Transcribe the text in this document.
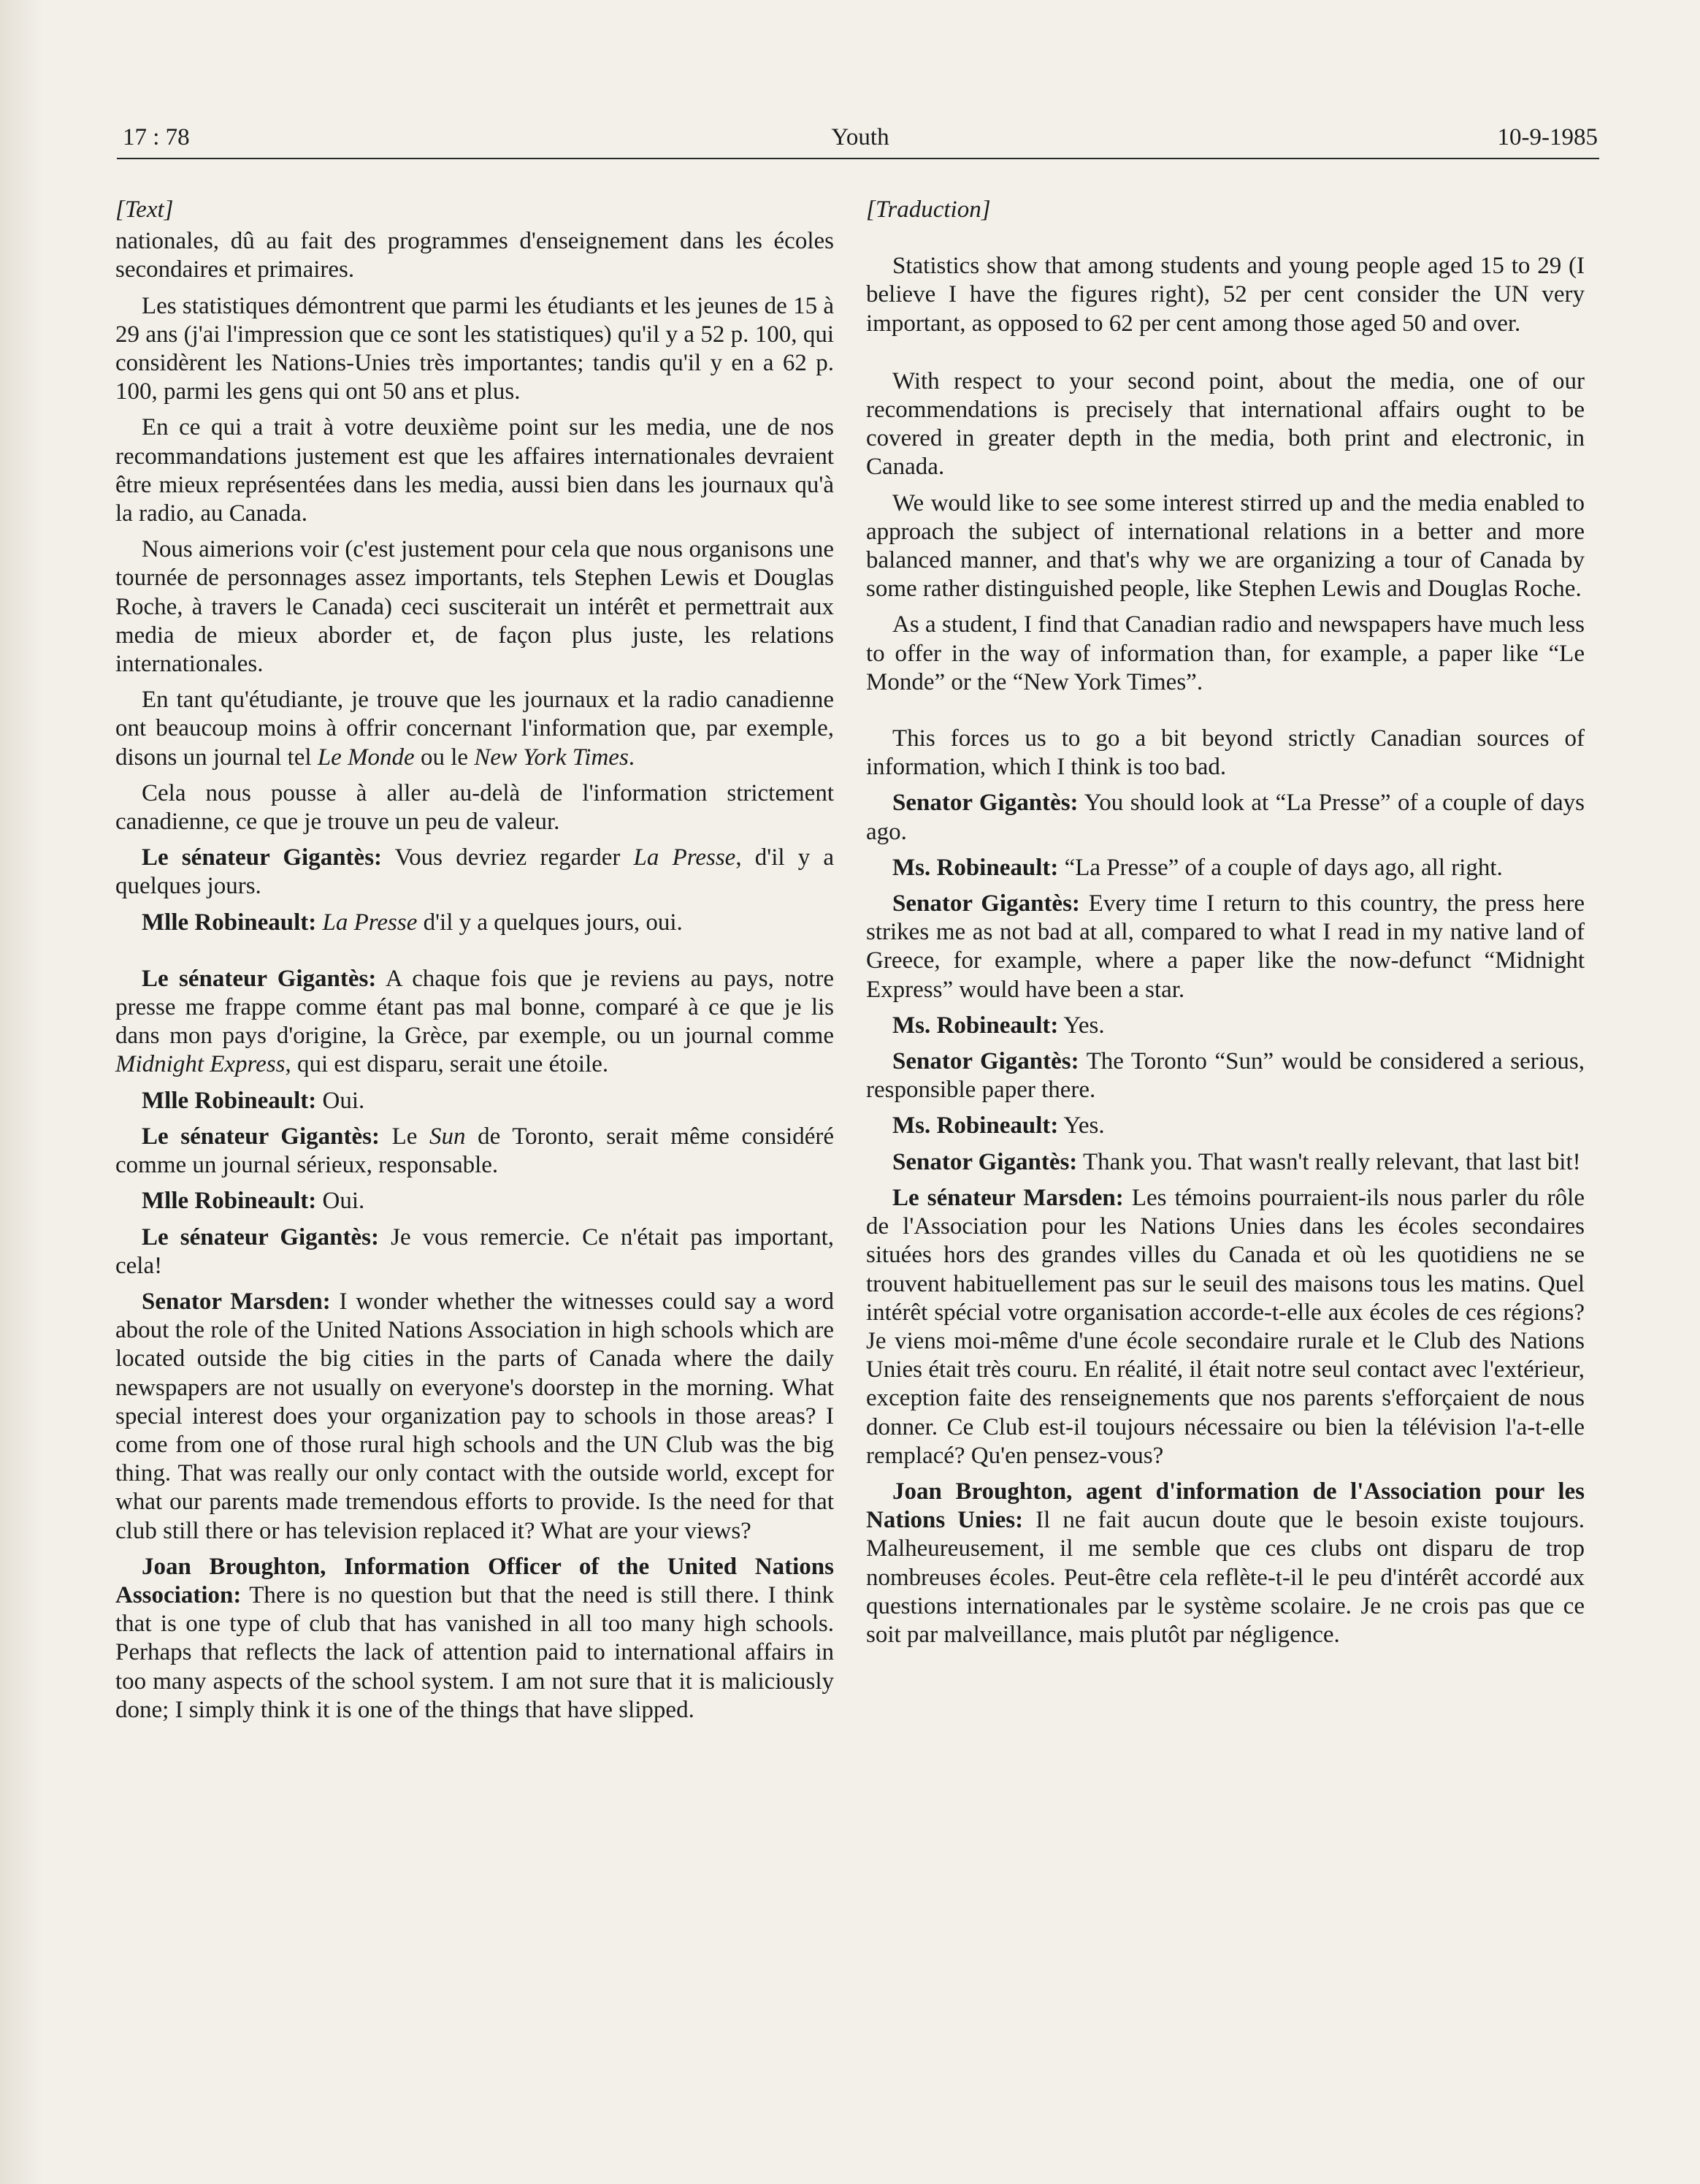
17 : 78	Youth	10-9-1985

[Text]

nationales, dû au fait des programmes d'enseignement dans les écoles secondaires et primaires.

Les statistiques démontrent que parmi les étudiants et les jeunes de 15 à 29 ans (j'ai l'impression que ce sont les statistiques) qu'il y a 52 p. 100, qui considèrent les Nations-Unies très importantes; tandis qu'il y en a 62 p. 100, parmi les gens qui ont 50 ans et plus.

En ce qui a trait à votre deuxième point sur les media, une de nos recommandations justement est que les affaires internationales devraient être mieux représentées dans les media, aussi bien dans les journaux qu'à la radio, au Canada.

Nous aimerions voir (c'est justement pour cela que nous organisons une tournée de personnages assez importants, tels Stephen Lewis et Douglas Roche, à travers le Canada) ceci susciterait un intérêt et permettrait aux media de mieux aborder et, de façon plus juste, les relations internationales.

En tant qu'étudiante, je trouve que les journaux et la radio canadienne ont beaucoup moins à offrir concernant l'information que, par exemple, disons un journal tel Le Monde ou le New York Times.

Cela nous pousse à aller au-delà de l'information strictement canadienne, ce que je trouve un peu de valeur.

Le sénateur Gigantès: Vous devriez regarder La Presse, d'il y a quelques jours.

Mlle Robineault: La Presse d'il y a quelques jours, oui.

Le sénateur Gigantès: A chaque fois que je reviens au pays, notre presse me frappe comme étant pas mal bonne, comparé à ce que je lis dans mon pays d'origine, la Grèce, par exemple, ou un journal comme Midnight Express, qui est disparu, serait une étoile.

Mlle Robineault: Oui.

Le sénateur Gigantès: Le Sun de Toronto, serait même considéré comme un journal sérieux, responsable.

Mlle Robineault: Oui.

Le sénateur Gigantès: Je vous remercie. Ce n'était pas important, cela!

Senator Marsden: I wonder whether the witnesses could say a word about the role of the United Nations Association in high schools which are located outside the big cities in the parts of Canada where the daily newspapers are not usually on everyone's doorstep in the morning. What special interest does your organization pay to schools in those areas? I come from one of those rural high schools and the UN Club was the big thing. That was really our only contact with the outside world, except for what our parents made tremendous efforts to provide. Is the need for that club still there or has television replaced it? What are your views?

Joan Broughton, Information Officer of the United Nations Association: There is no question but that the need is still there. I think that is one type of club that has vanished in all too many high schools. Perhaps that reflects the lack of attention paid to international affairs in too many aspects of the school system. I am not sure that it is maliciously done; I simply think it is one of the things that have slipped.

[Traduction]

Statistics show that among students and young people aged 15 to 29 (I believe I have the figures right), 52 per cent consider the UN very important, as opposed to 62 per cent among those aged 50 and over.

With respect to your second point, about the media, one of our recommendations is precisely that international affairs ought to be covered in greater depth in the media, both print and electronic, in Canada.

We would like to see some interest stirred up and the media enabled to approach the subject of international relations in a better and more balanced manner, and that's why we are organizing a tour of Canada by some rather distinguished people, like Stephen Lewis and Douglas Roche.

As a student, I find that Canadian radio and newspapers have much less to offer in the way of information than, for example, a paper like “Le Monde” or the “New York Times”.

This forces us to go a bit beyond strictly Canadian sources of information, which I think is too bad.

Senator Gigantès: You should look at “La Presse” of a couple of days ago.

Ms. Robineault: “La Presse” of a couple of days ago, all right.

Senator Gigantès: Every time I return to this country, the press here strikes me as not bad at all, compared to what I read in my native land of Greece, for example, where a paper like the now-defunct “Midnight Express” would have been a star.

Ms. Robineault: Yes.

Senator Gigantès: The Toronto “Sun” would be considered a serious, responsible paper there.

Ms. Robineault: Yes.

Senator Gigantès: Thank you. That wasn't really relevant, that last bit!

Le sénateur Marsden: Les témoins pourraient-ils nous parler du rôle de l'Association pour les Nations Unies dans les écoles secondaires situées hors des grandes villes du Canada et où les quotidiens ne se trouvent habituellement pas sur le seuil des maisons tous les matins. Quel intérêt spécial votre organisation accorde-t-elle aux écoles de ces régions? Je viens moi-même d'une école secondaire rurale et le Club des Nations Unies était très couru. En réalité, il était notre seul contact avec l'extérieur, exception faite des renseignements que nos parents s'efforçaient de nous donner. Ce Club est-il toujours nécessaire ou bien la télévision l'a-t-elle remplacé? Qu'en pensez-vous?

Joan Broughton, agent d'information de l'Association pour les Nations Unies: Il ne fait aucun doute que le besoin existe toujours. Malheureusement, il me semble que ces clubs ont disparu de trop nombreuses écoles. Peut-être cela reflète-t-il le peu d'intérêt accordé aux questions internationales par le système scolaire. Je ne crois pas que ce soit par malveillance, mais plutôt par négligence.
